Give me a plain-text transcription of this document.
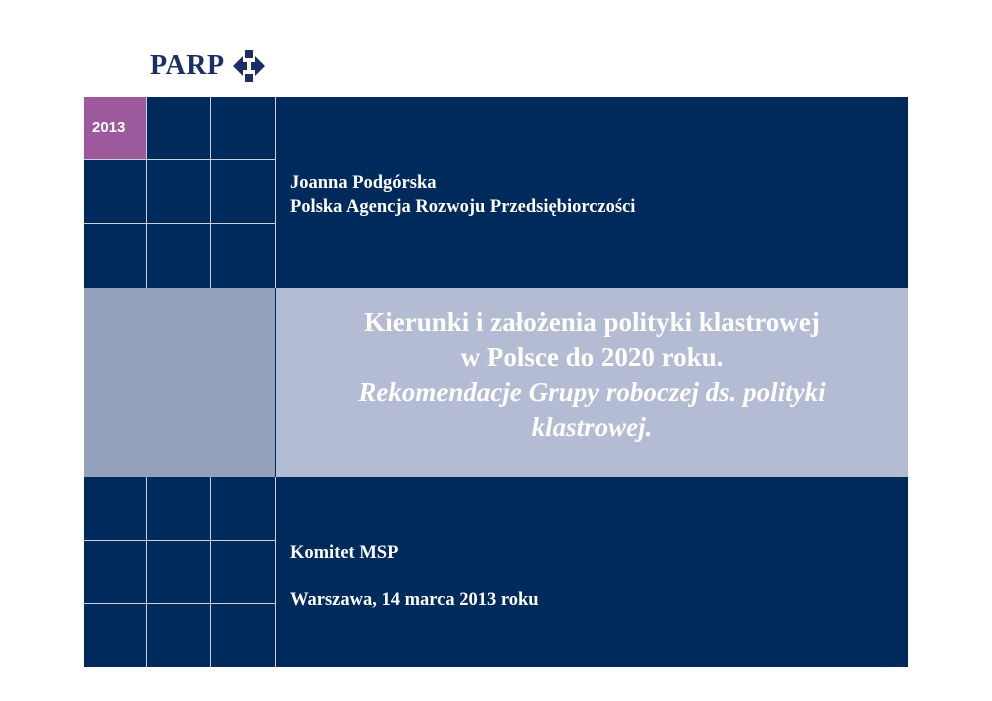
PARP
2013
Joanna Podgórska
Polska Agencja Rozwoju Przedsiębiorczości
Kierunki i założenia polityki klastrowej
w Polsce do 2020 roku.
Rekomendacje Grupy roboczej ds. polityki
klastrowej.
Komitet MSP
Warszawa, 14 marca 2013 roku
